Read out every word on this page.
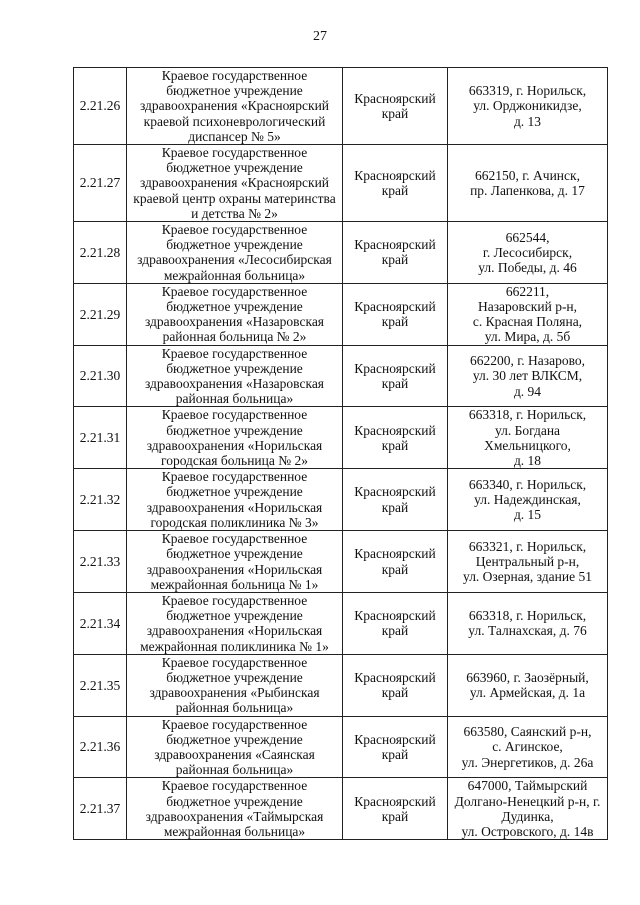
27
2.21.26	Краевое государственное
бюджетное учреждение
здравоохранения «Красноярский
краевой психоневрологический
диспансер № 5»	Красноярский
край	663319, г. Норильск,
ул. Орджоникидзе,
д. 13

2.21.27	Краевое государственное
бюджетное учреждение
здравоохранения «Красноярский
краевой центр охраны материнства
и детства № 2»	Красноярский
край	662150, г. Ачинск,
пр. Лапенкова, д. 17

2.21.28	Краевое государственное
бюджетное учреждение
здравоохранения «Лесосибирская
межрайонная больница»	Красноярский
край	662544,
г. Лесосибирск,
ул. Победы, д. 46

2.21.29	Краевое государственное
бюджетное учреждение
здравоохранения «Назаровская
районная больница № 2»	Красноярский
край	662211,
Назаровский р-н,
с. Красная Поляна,
ул. Мира, д. 5б

2.21.30	Краевое государственное
бюджетное учреждение
здравоохранения «Назаровская
районная больница»	Красноярский
край	662200, г. Назарово,
ул. 30 лет ВЛКСМ,
д. 94

2.21.31	Краевое государственное
бюджетное учреждение
здравоохранения «Норильская
городская больница № 2»	Красноярский
край	663318, г. Норильск,
ул. Богдана Хмельницкого,
д. 18

2.21.32	Краевое государственное
бюджетное учреждение
здравоохранения «Норильская
городская поликлиника № 3»	Красноярский
край	663340, г. Норильск,
ул. Надеждинская,
д. 15

2.21.33	Краевое государственное
бюджетное учреждение
здравоохранения «Норильская
межрайонная больница № 1»	Красноярский
край	663321, г. Норильск,
Центральный р-н,
ул. Озерная, здание 51

2.21.34	Краевое государственное
бюджетное учреждение
здравоохранения «Норильская
межрайонная поликлиника № 1»	Красноярский
край	663318, г. Норильск,
ул. Талнахская, д. 76

2.21.35	Краевое государственное
бюджетное учреждение
здравоохранения «Рыбинская
районная больница»	Красноярский
край	663960, г. Заозёрный,
ул. Армейская, д. 1а

2.21.36	Краевое государственное
бюджетное учреждение
здравоохранения «Саянская
районная больница»	Красноярский
край	663580, Саянский р-н,
с. Агинское,
ул. Энергетиков, д. 26а

2.21.37	Краевое государственное
бюджетное учреждение
здравоохранения «Таймырская
межрайонная больница»	Красноярский
край	647000, Таймырский
Долгано-Ненецкий р-н, г.
Дудинка,
ул. Островского, д. 14в
